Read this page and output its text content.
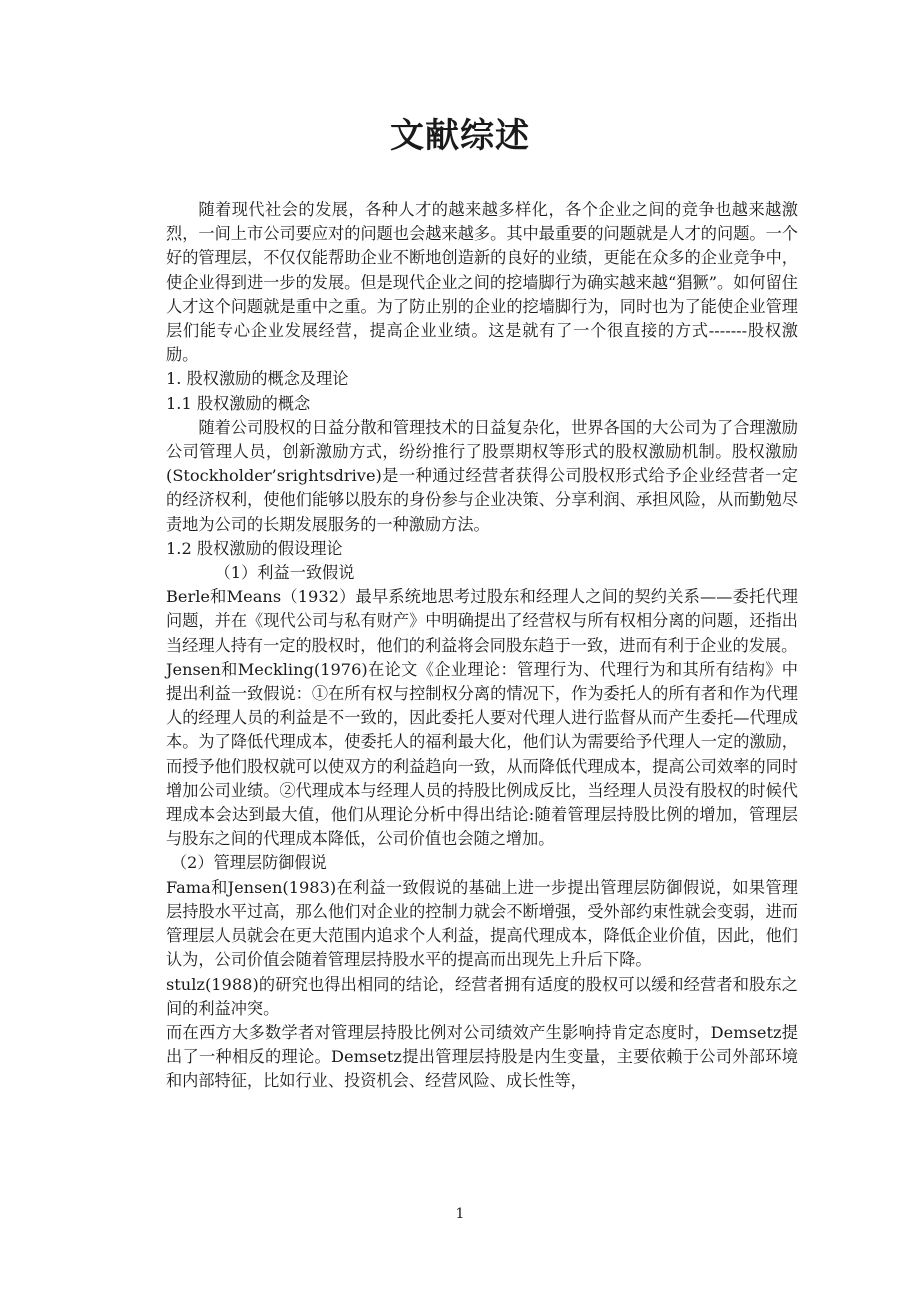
文献综述

随着现代社会的发展，各种人才的越来越多样化，各个企业之间的竞争也越来越激烈，一间上市公司要应对的问题也会越来越多。其中最重要的问题就是人才的问题。一个好的管理层，不仅仅能帮助企业不断地创造新的良好的业绩，更能在众多的企业竞争中，使企业得到进一步的发展。但是现代企业之间的挖墙脚行为确实越来越“猖獗”。如何留住人才这个问题就是重中之重。为了防止别的企业的挖墙脚行为，同时也为了能使企业管理层们能专心企业发展经营，提高企业业绩。这是就有了一个很直接的方式-------股权激励。

1. 股权激励的概念及理论

1.1 股权激励的概念

随着公司股权的日益分散和管理技术的日益复杂化，世界各国的大公司为了合理激励公司管理人员，创新激励方式，纷纷推行了股票期权等形式的股权激励机制。股权激励(Stockholder’srightsdrive)是一种通过经营者获得公司股权形式给予企业经营者一定的经济权利，使他们能够以股东的身份参与企业决策、分享利润、承担风险，从而勤勉尽责地为公司的长期发展服务的一种激励方法。

1.2 股权激励的假设理论

（1）利益一致假说

Berle和Means（1932）最早系统地思考过股东和经理人之间的契约关系——委托代理问题，并在《现代公司与私有财产》中明确提出了经营权与所有权相分离的问题，还指出当经理人持有一定的股权时，他们的利益将会同股东趋于一致，进而有利于企业的发展。

Jensen和Meckling(1976)在论文《企业理论：管理行为、代理行为和其所有结构》中提出利益一致假说：①在所有权与控制权分离的情况下，作为委托人的所有者和作为代理人的经理人员的利益是不一致的，因此委托人要对代理人进行监督从而产生委托—代理成本。为了降低代理成本，使委托人的福利最大化，他们认为需要给予代理人一定的激励，而授予他们股权就可以使双方的利益趋向一致，从而降低代理成本，提高公司效率的同时增加公司业绩。②代理成本与经理人员的持股比例成反比，当经理人员没有股权的时候代理成本会达到最大值，他们从理论分析中得出结论:随着管理层持股比例的增加，管理层与股东之间的代理成本降低，公司价值也会随之增加。

（2）管理层防御假说

Fama和Jensen(1983)在利益一致假说的基础上进一步提出管理层防御假说，如果管理层持股水平过高，那么他们对企业的控制力就会不断增强，受外部约束性就会变弱，进而管理层人员就会在更大范围内追求个人利益，提高代理成本，降低企业价值，因此，他们认为，公司价值会随着管理层持股水平的提高而出现先上升后下降。

stulz(1988)的研究也得出相同的结论，经营者拥有适度的股权可以缓和经营者和股东之间的利益冲突。

而在西方大多数学者对管理层持股比例对公司绩效产生影响持肯定态度时，Demsetz提出了一种相反的理论。Demsetz提出管理层持股是内生变量，主要依赖于公司外部环境和内部特征，比如行业、投资机会、经营风险、成长性等，

1
